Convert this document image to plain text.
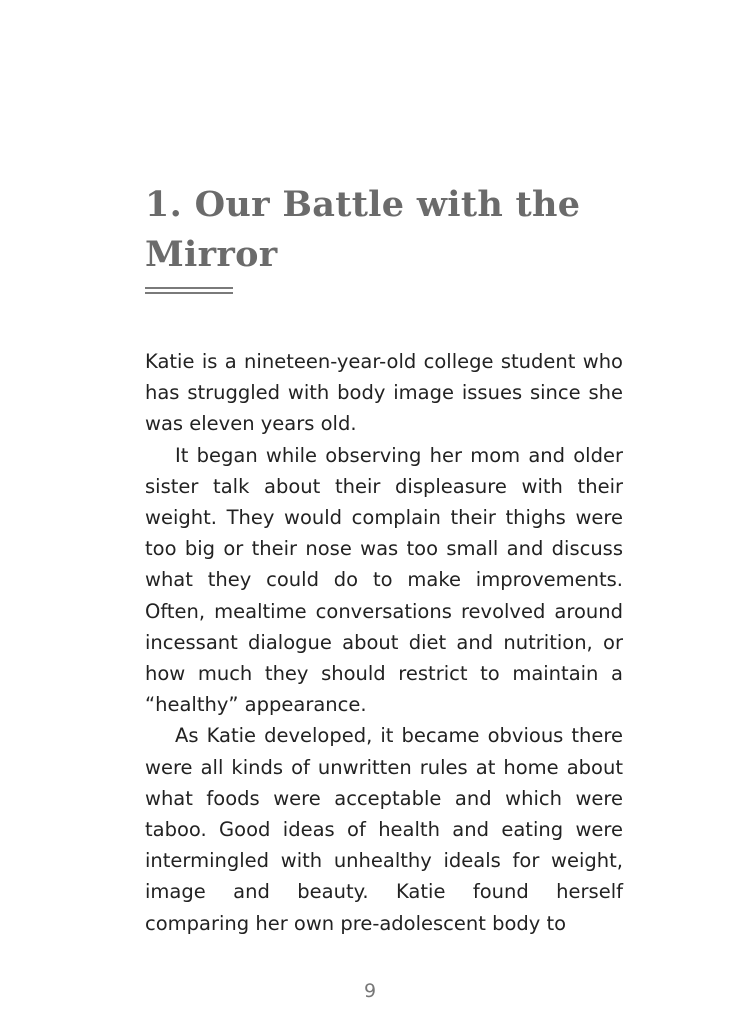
1. Our Battle with the Mirror

Katie is a nineteen-year-old college student who has struggled with body image issues since she was eleven years old.

It began while observing her mom and older sister talk about their displeasure with their weight. They would complain their thighs were too big or their nose was too small and discuss what they could do to make improvements. Often, mealtime conversations revolved around incessant dialogue about diet and nutrition, or how much they should restrict to maintain a “healthy” appearance.

As Katie developed, it became obvious there were all kinds of unwritten rules at home about what foods were acceptable and which were taboo. Good ideas of health and eating were intermingled with unhealthy ideals for weight, image and beauty. Katie found herself comparing her own pre-adolescent body to

9
